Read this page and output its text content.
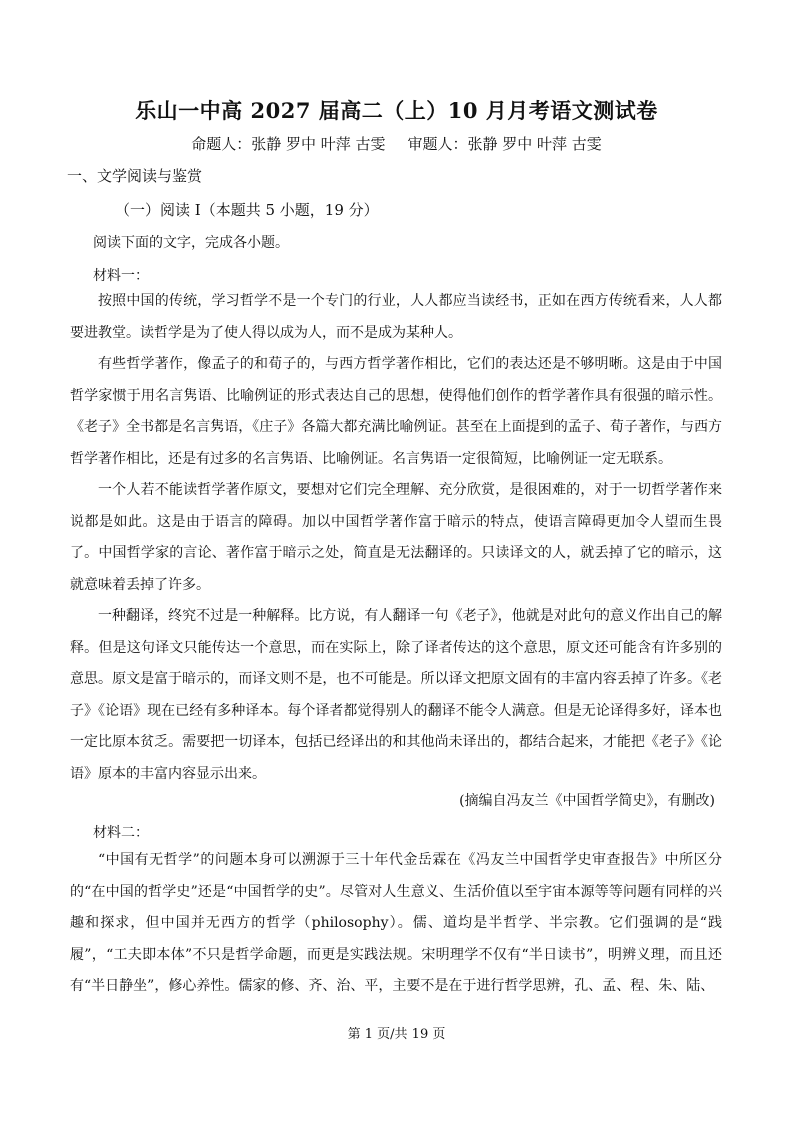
乐山一中高 2027 届高二（上）10 月月考语文测试卷
命题人：张静 罗中 叶萍 古雯 审题人：张静 罗中 叶萍 古雯
一、文学阅读与鉴赏
（一）阅读 I（本题共 5 小题，19 分）
阅读下面的文字，完成各小题。
材料一：

按照中国的传统，学习哲学不是一个专门的行业，人人都应当读经书，正如在西方传统看来，人人都要进教堂。读哲学是为了使人得以成为人，而不是成为某种人。

有些哲学著作，像孟子的和荀子的，与西方哲学著作相比，它们的表达还是不够明晰。这是由于中国哲学家惯于用名言隽语、比喻例证的形式表达自己的思想，使得他们创作的哲学著作具有很强的暗示性。《老子》全书都是名言隽语，《庄子》各篇大都充满比喻例证。甚至在上面提到的孟子、荀子著作，与西方哲学著作相比，还是有过多的名言隽语、比喻例证。名言隽语一定很简短，比喻例证一定无联系。

一个人若不能读哲学著作原文，要想对它们完全理解、充分欣赏，是很困难的，对于一切哲学著作来说都是如此。这是由于语言的障碍。加以中国哲学著作富于暗示的特点，使语言障碍更加令人望而生畏了。中国哲学家的言论、著作富于暗示之处，简直是无法翻译的。只读译文的人，就丢掉了它的暗示，这就意味着丢掉了许多。

一种翻译，终究不过是一种解释。比方说，有人翻译一句《老子》，他就是对此句的意义作出自己的解释。但是这句译文只能传达一个意思，而在实际上，除了译者传达的这个意思，原文还可能含有许多别的意思。原文是富于暗示的，而译文则不是，也不可能是。所以译文把原文固有的丰富内容丢掉了许多。《老子》《论语》现在已经有多种译本。每个译者都觉得别人的翻译不能令人满意。但是无论译得多好，译本也一定比原本贫乏。需要把一切译本，包括已经译出的和其他尚未译出的，都结合起来，才能把《老子》《论语》原本的丰富内容显示出来。

(摘编自冯友兰《中国哲学简史》，有删改)
材料二：

“中国有无哲学”的问题本身可以溯源于三十年代金岳霖在《冯友兰中国哲学史审查报告》中所区分的“在中国的哲学史”还是“中国哲学的史”。尽管对人生意义、生活价值以至宇宙本源等等问题有同样的兴趣和探求，但中国并无西方的哲学（philosophy）。儒、道均是半哲学、半宗教。它们强调的是“践履”，“工夫即本体”不只是哲学命题，而更是实践法规。宋明理学不仅有“半日读书”，明辨义理，而且还有“半日静坐”，修心养性。儒家的修、齐、治、平，主要不是在于进行哲学思辨，孔、孟、程、朱、陆、

第 1 页/共 19 页
